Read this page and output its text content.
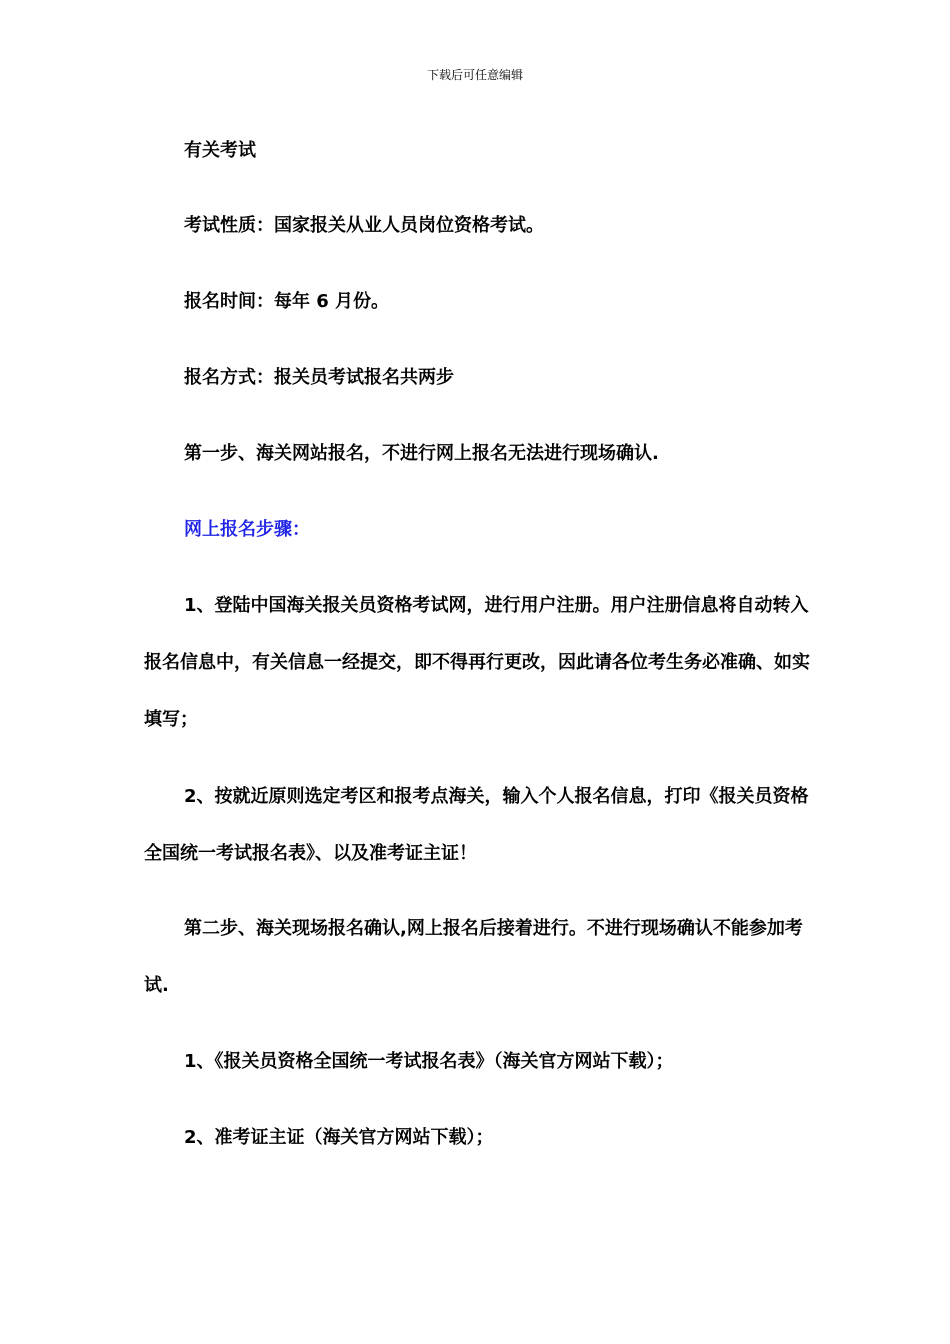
下载后可任意编辑

有关考试

考试性质：国家报关从业人员岗位资格考试。

报名时间：每年 6 月份。

报名方式：报关员考试报名共两步

第一步、海关网站报名，不进行网上报名无法进行现场确认.

网上报名步骤：

1、登陆中国海关报关员资格考试网，进行用户注册。用户注册信息将自动转入报名信息中，有关信息一经提交，即不得再行更改，因此请各位考生务必准确、如实填写；

2、按就近原则选定考区和报考点海关，输入个人报名信息，打印《报关员资格全国统一考试报名表》、以及准考证主证！

第二步、海关现场报名确认,网上报名后接着进行。不进行现场确认不能参加考试.

1、《报关员资格全国统一考试报名表》（海关官方网站下载）；

2、准考证主证（海关官方网站下载）；
